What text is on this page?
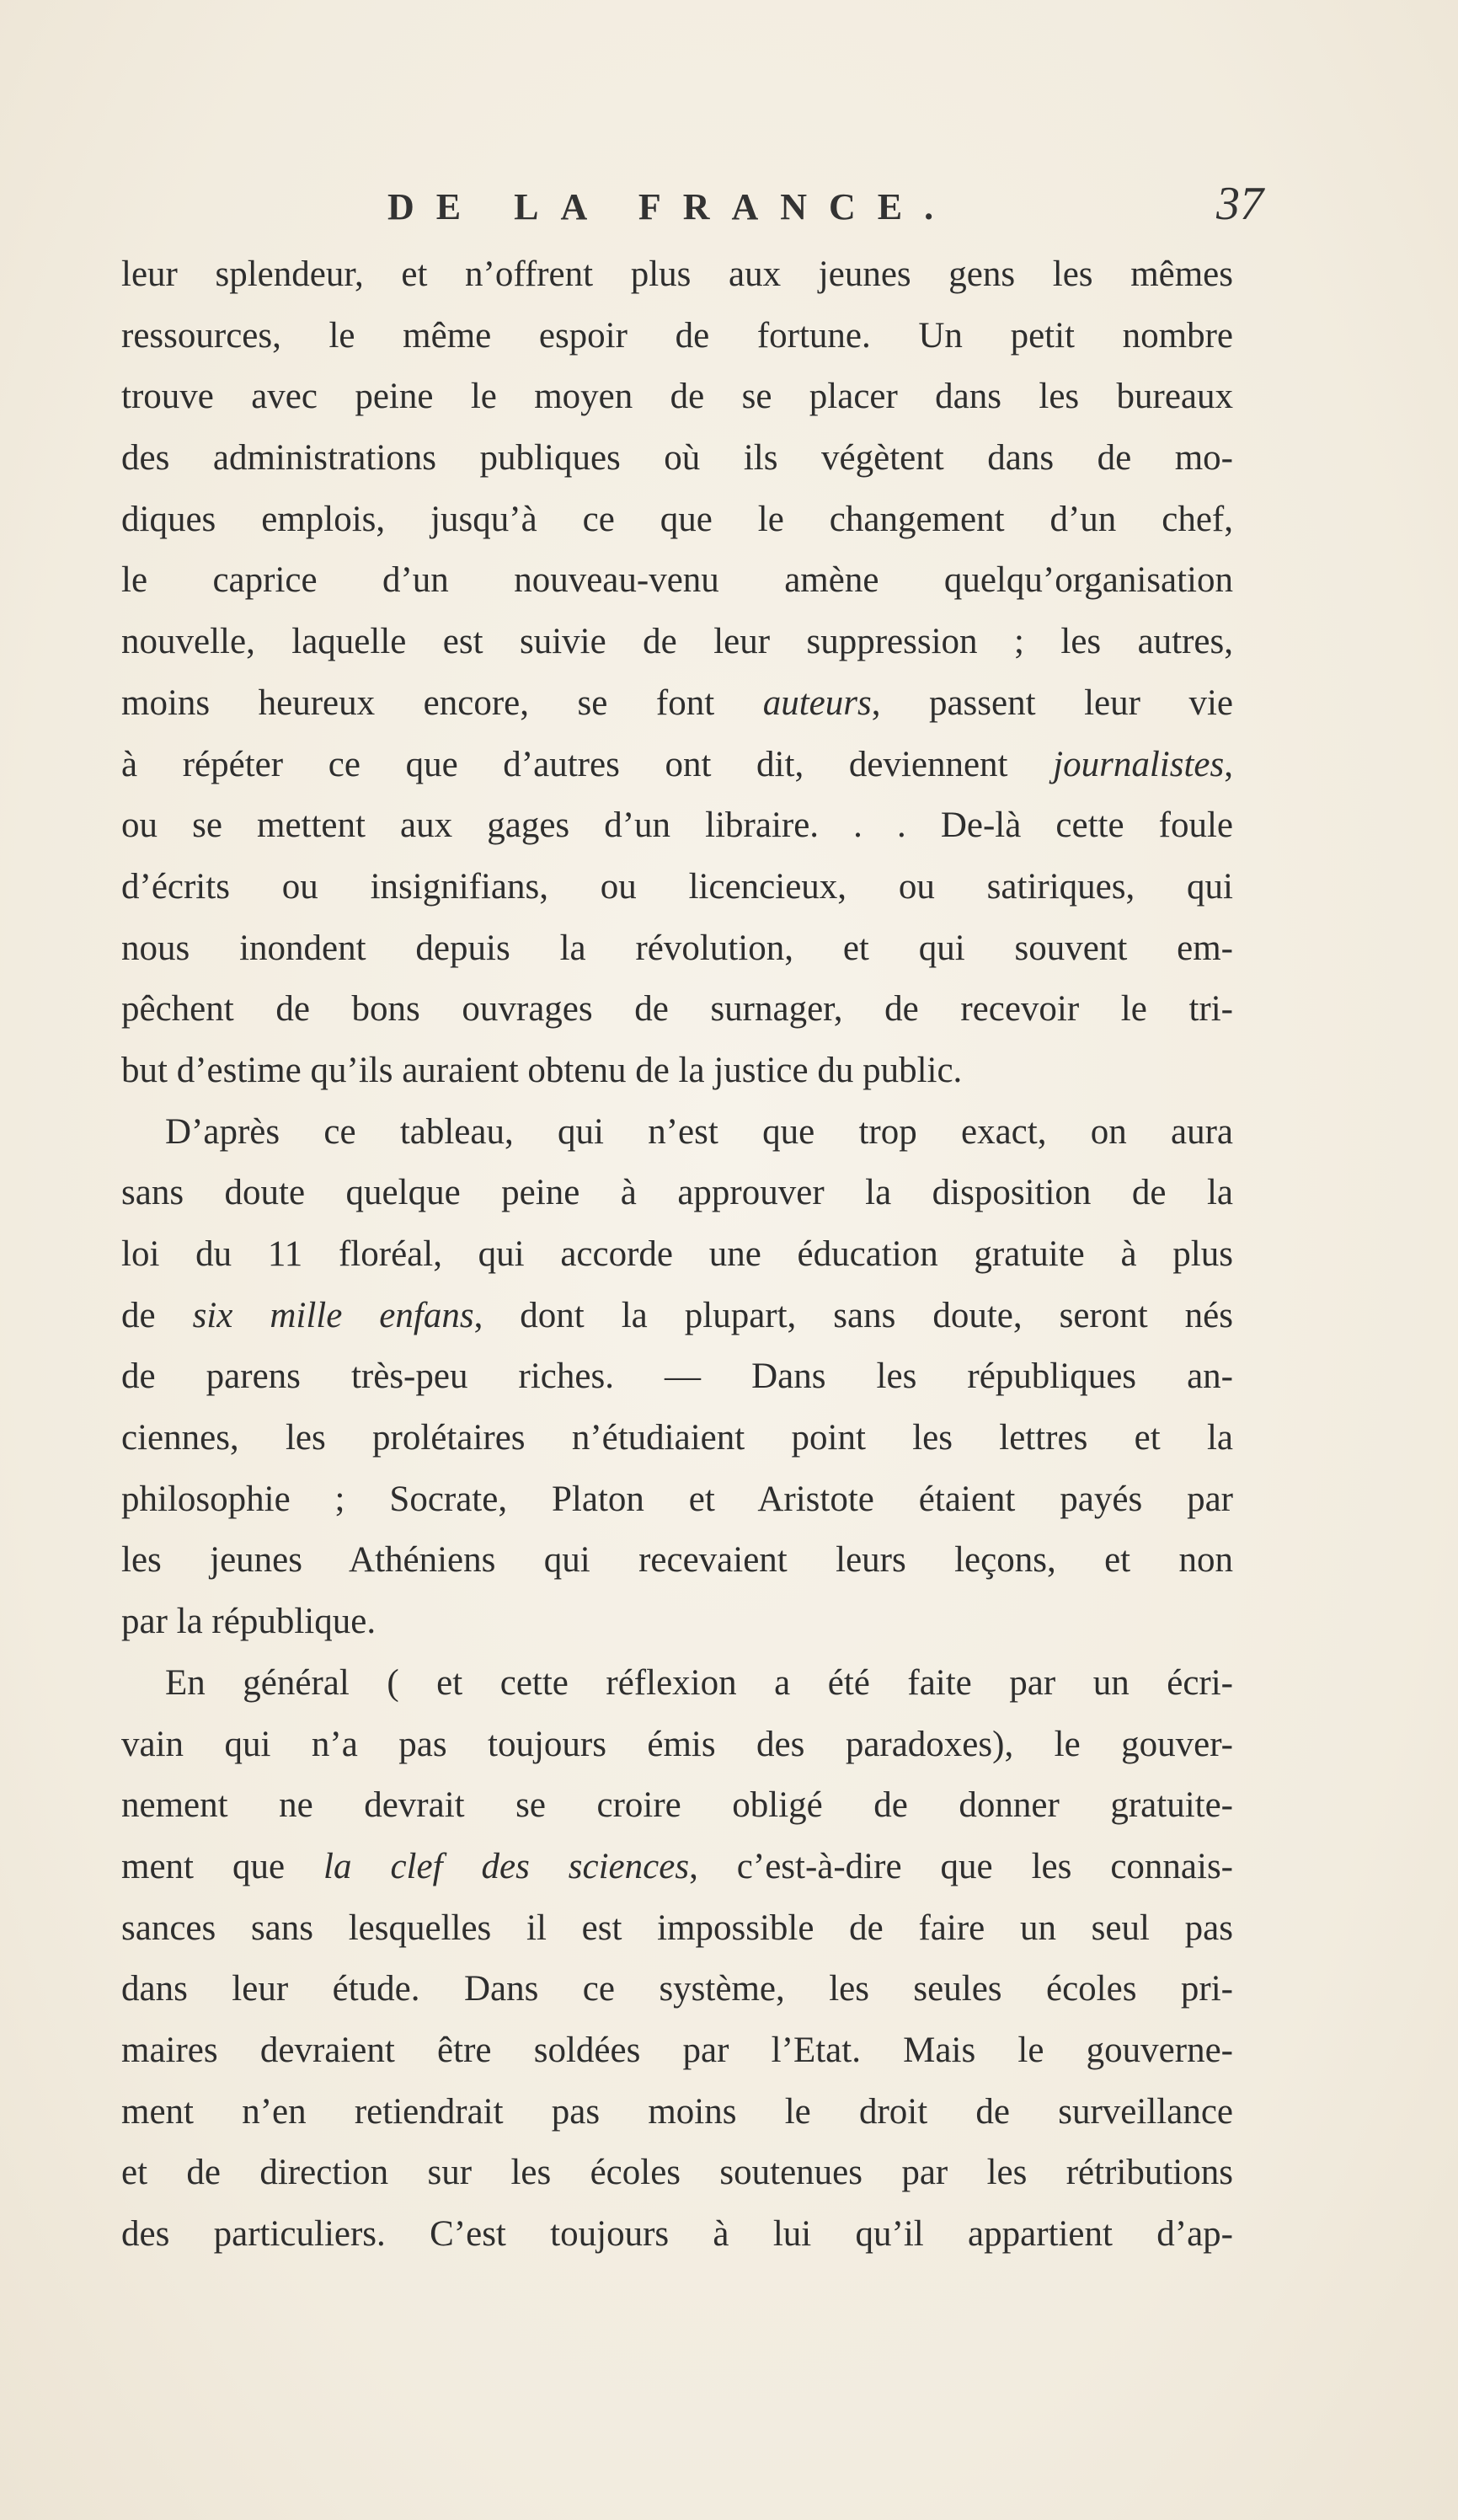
DE LA FRANCE.	37
leur splendeur, et n’offrent plus aux jeunes gens les mêmes
ressources, le même espoir de fortune. Un petit nombre
trouve avec peine le moyen de se placer dans les bureaux
des administrations publiques où ils végètent dans de mo-
diques emplois, jusqu’à ce que le changement d’un chef,
le caprice d’un nouveau-venu amène quelqu’organisation
nouvelle, laquelle est suivie de leur suppression ; les autres,
moins heureux encore, se font auteurs, passent leur vie
à répéter ce que d’autres ont dit, deviennent journalistes,
ou se mettent aux gages d’un libraire. . . De-là cette foule
d’écrits ou insignifians, ou licencieux, ou satiriques, qui
nous inondent depuis la révolution, et qui souvent em-
pêchent de bons ouvrages de surnager, de recevoir le tri-
but d’estime qu’ils auraient obtenu de la justice du public.
D’après ce tableau, qui n’est que trop exact, on aura
sans doute quelque peine à approuver la disposition de la
loi du 11 floréal, qui accorde une éducation gratuite à plus
de six mille enfans, dont la plupart, sans doute, seront nés
de parens très-peu riches. — Dans les républiques an-
ciennes, les prolétaires n’étudiaient point les lettres et la
philosophie ; Socrate, Platon et Aristote étaient payés par
les jeunes Athéniens qui recevaient leurs leçons, et non
par la république.
En général ( et cette réflexion a été faite par un écri-
vain qui n’a pas toujours émis des paradoxes), le gouver-
nement ne devrait se croire obligé de donner gratuite-
ment que la clef des sciences, c’est-à-dire que les connais-
sances sans lesquelles il est impossible de faire un seul pas
dans leur étude. Dans ce système, les seules écoles pri-
maires devraient être soldées par l’Etat. Mais le gouverne-
ment n’en retiendrait pas moins le droit de surveillance
et de direction sur les écoles soutenues par les rétributions
des particuliers. C’est toujours à lui qu’il appartient d’ap-
